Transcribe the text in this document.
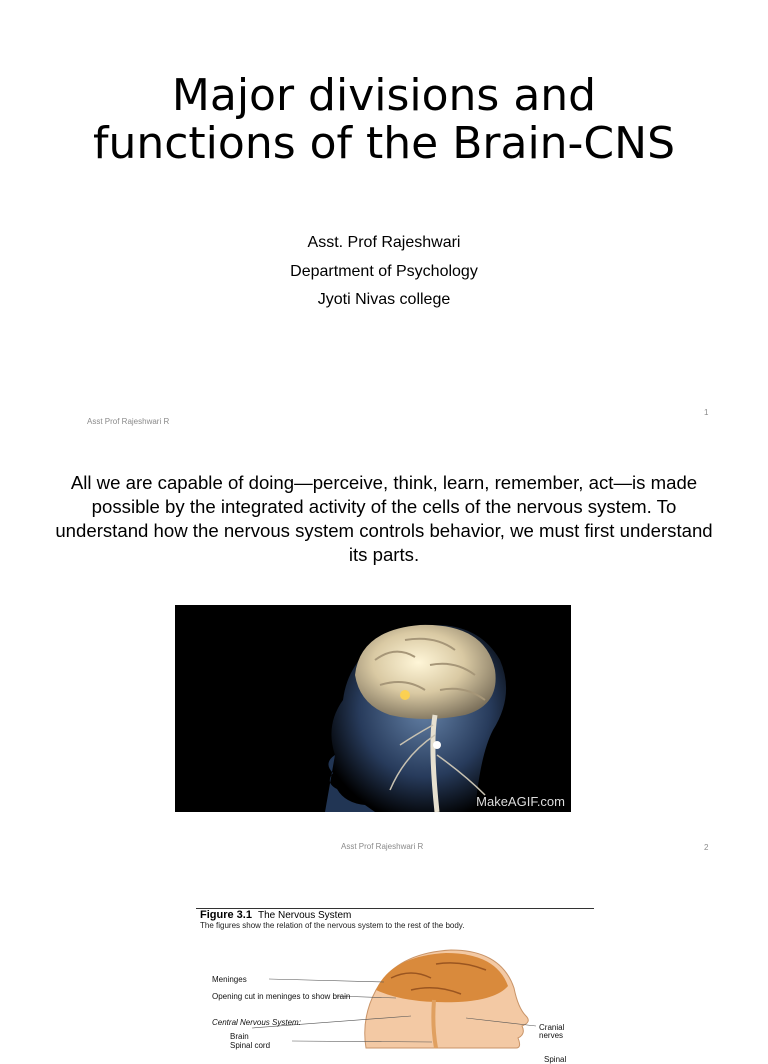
Major divisions and functions of the Brain-CNS
Asst. Prof Rajeshwari
Department of Psychology
Jyoti Nivas college
Asst Prof Rajeshwari R
1
All we are capable of doing—perceive, think, learn, remember, act—is made possible by the integrated activity of the cells of the nervous system. To understand how the nervous system controls behavior, we must first understand its parts.
MakeAGIF.com
Asst Prof Rajeshwari R	2
Figure 3.1 The Nervous System
The figures show the relation of the nervous system to the rest of the body.
Meninges
Opening cut in meninges to show brain
Central Nervous System:
Brain
Spinal cord
Cranial nerves
Spinal
